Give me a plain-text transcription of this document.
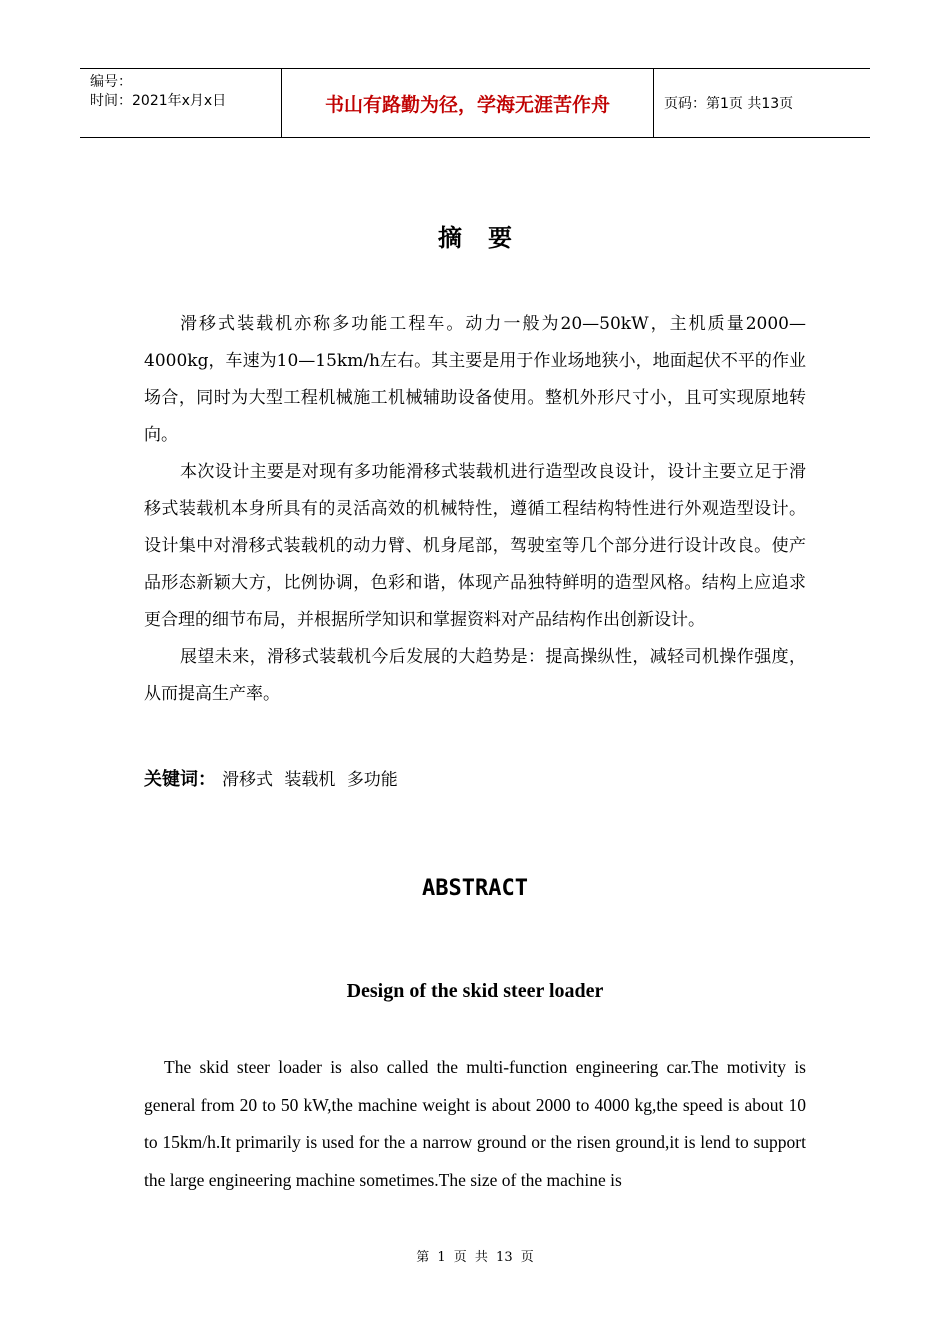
编号：
时间：2021年x月x日	书山有路勤为径，学海无涯苦作舟	页码：第1页 共13页
摘要

滑移式装载机亦称多功能工程车。动力一般为20—50kW，主机质量2000—4000kg，车速为10—15km/h左右。其主要是用于作业场地狭小，地面起伏不平的作业场合，同时为大型工程机械施工机械辅助设备使用。整机外形尺寸小，且可实现原地转向。

本次设计主要是对现有多功能滑移式装载机进行造型改良设计，设计主要立足于滑移式装载机本身所具有的灵活高效的机械特性，遵循工程结构特性进行外观造型设计。设计集中对滑移式装载机的动力臂、机身尾部，驾驶室等几个部分进行设计改良。使产品形态新颖大方，比例协调，色彩和谐，体现产品独特鲜明的造型风格。结构上应追求更合理的细节布局，并根据所学知识和掌握资料对产品结构作出创新设计。

展望未来，滑移式装载机今后发展的大趋势是：提高操纵性，减轻司机操作强度，从而提高生产率。

关键词： 滑移式 装载机 多功能
ABSTRACT
Design of the skid steer loader

The skid steer loader is also called the multi-function engineering car.The motivity is general from 20 to 50 kW,the machine weight is about 2000 to 4000 kg,the speed is about 10 to 15km/h.It primarily is used for the a narrow ground or the risen ground,it is lend to support the large engineering machine sometimes.The size of the machine is

第 1 页 共 13 页
